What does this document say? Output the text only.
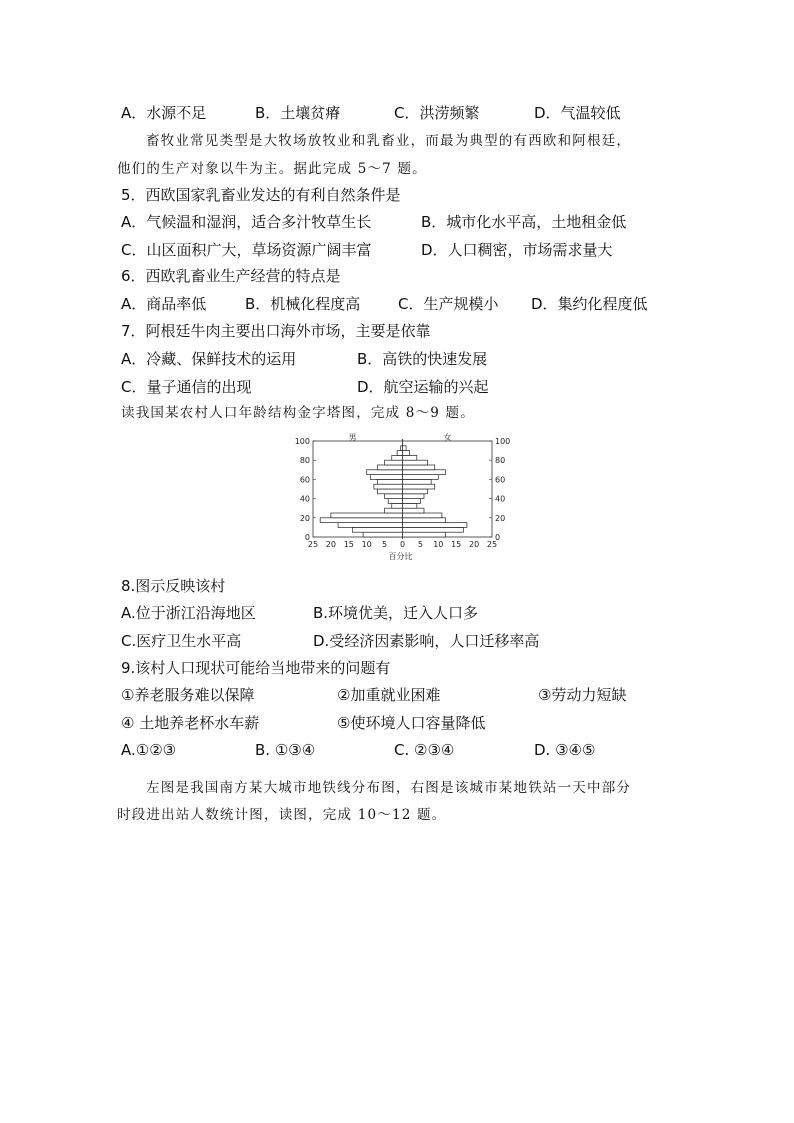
A．水源不足	B．土壤贫瘠	C．洪涝频繁	D．气温较低
畜牧业常见类型是大牧场放牧业和乳畜业，而最为典型的有西欧和阿根廷，
他们的生产对象以牛为主。据此完成 5～7 题。
5．西欧国家乳畜业发达的有利自然条件是
A．气候温和湿润，适合多汁牧草生长	B．城市化水平高，土地租金低
C．山区面积广大，草场资源广阔丰富	D．人口稠密，市场需求量大
6．西欧乳畜业生产经营的特点是
A．商品率低	B．机械化程度高	C．生产规模小 D．集约化程度低
7．阿根廷牛肉主要出口海外市场，主要是依靠
A．冷藏、保鲜技术的运用	B．高铁的快速发展
C．量子通信的出现	D．航空运输的兴起
读我国某农村人口年龄结构金字塔图，完成 8～9 题。
0	0
20	20
40	40
60	60
80	80
100	100
25 20 15 10 5 0 5 10 15 20 25
男	女
百分比
8.图示反映该村
A.位于浙江沿海地区	B.环境优美，迁入人口多
C.医疗卫生水平高	D.受经济因素影响，人口迁移率高
9.该村人口现状可能给当地带来的问题有
①养老服务难以保障	②加重就业困难	③劳动力短缺
④ 土地养老杯水车薪	⑤使环境人口容量降低
A.①②③	B. ①③④	C. ②③④	D. ③④⑤
左图是我国南方某大城市地铁线分布图，右图是该城市某地铁站一天中部分
时段进出站人数统计图，读图，完成 10～12 题。
